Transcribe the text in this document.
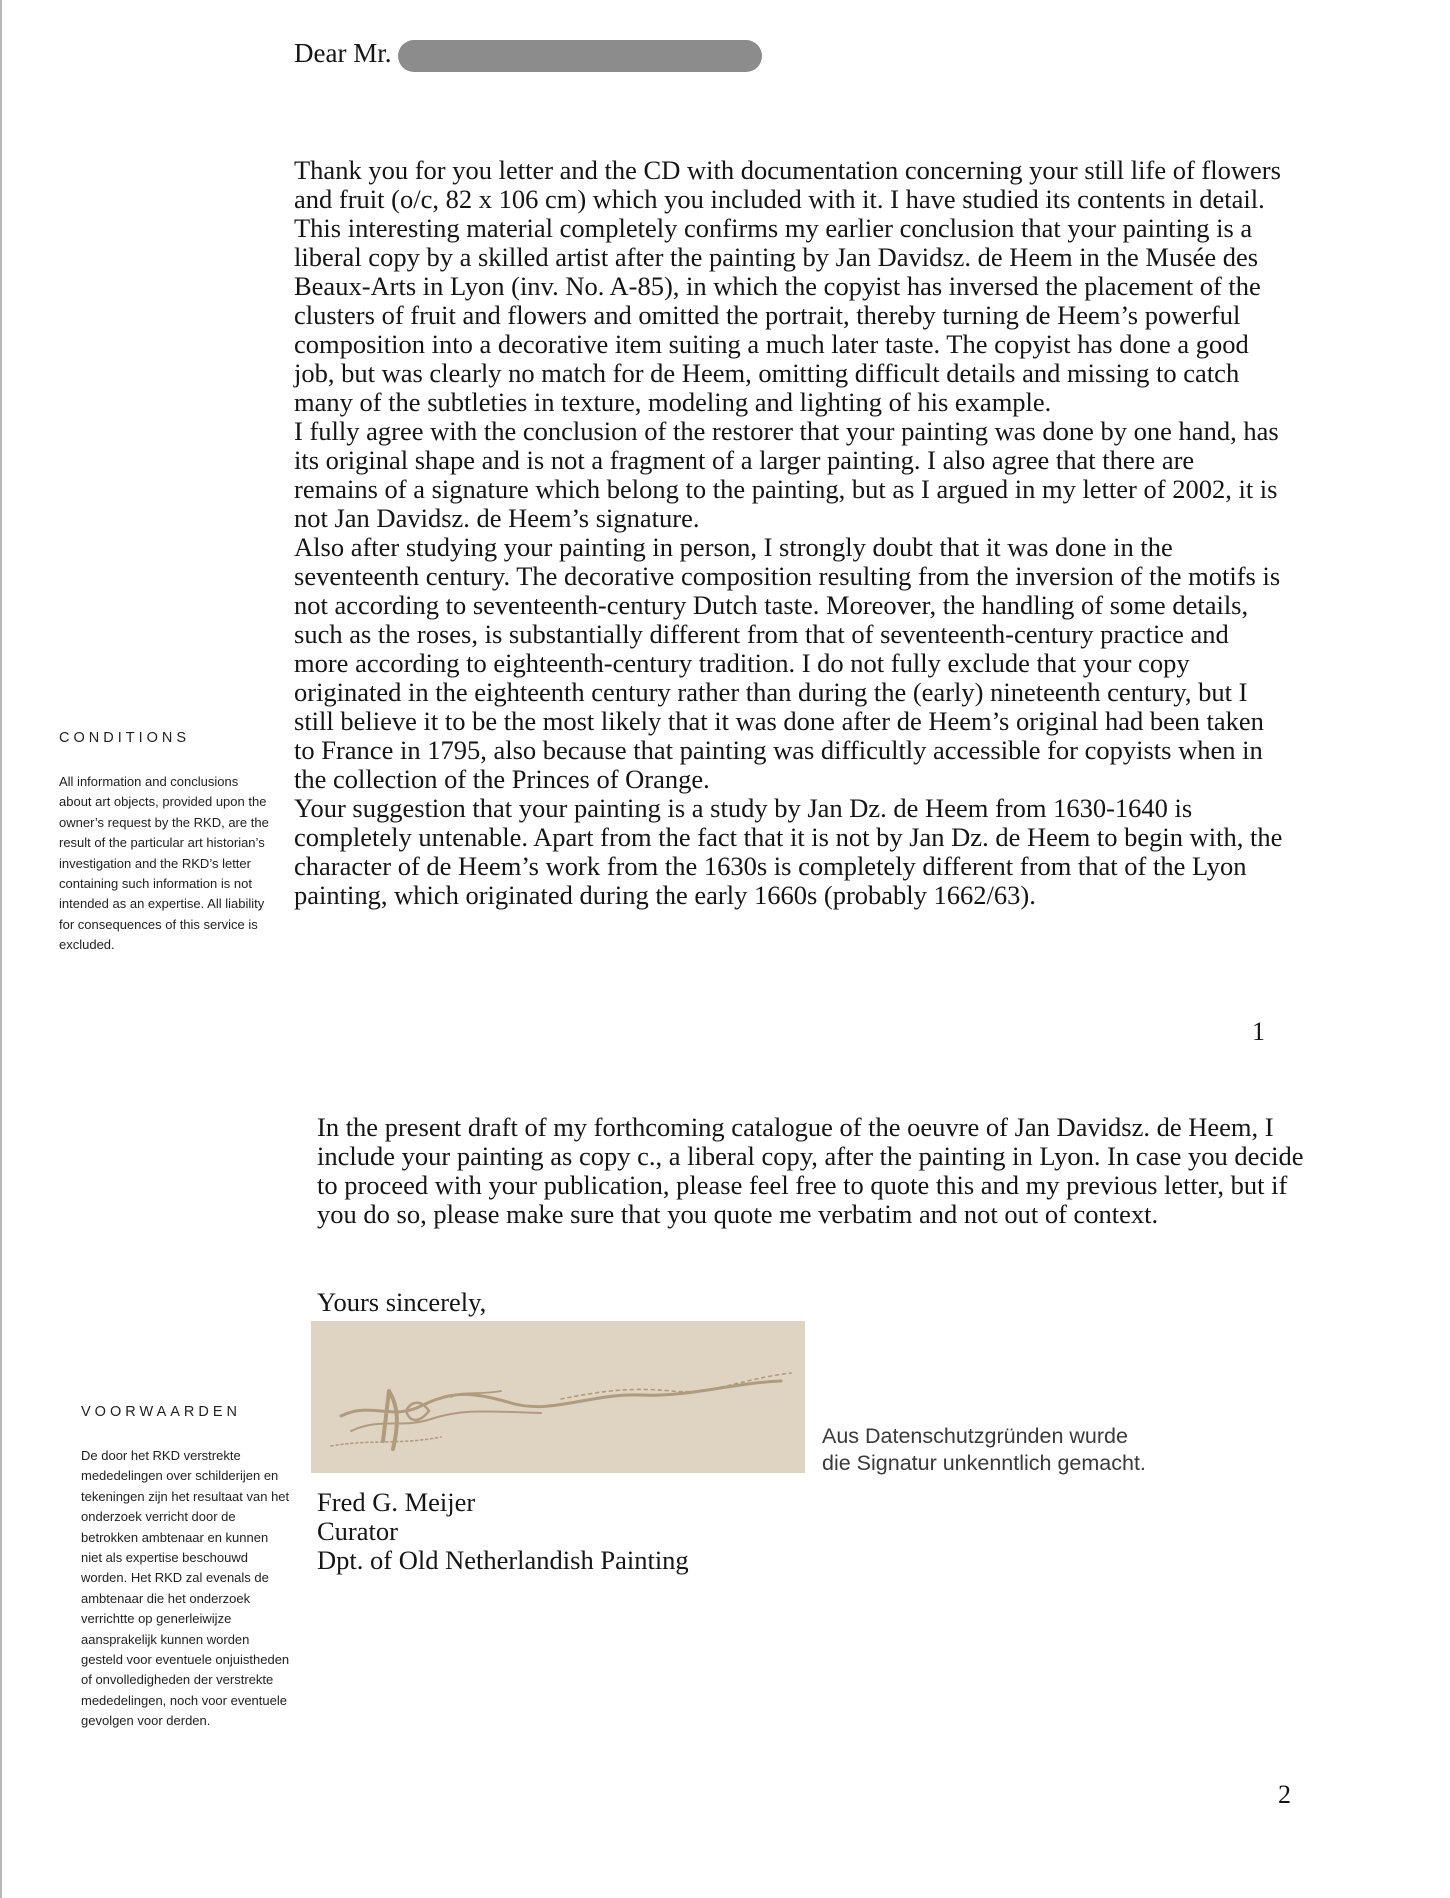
Dear Mr.

Thank you for you letter and the CD with documentation concerning your still life of flowers and fruit (o/c, 82 x 106 cm) which you included with it. I have studied its contents in detail. This interesting material completely confirms my earlier conclusion that your painting is a liberal copy by a skilled artist after the painting by Jan Davidsz. de Heem in the Musée des Beaux-Arts in Lyon (inv. No. A-85), in which the copyist has inversed the placement of the clusters of fruit and flowers and omitted the portrait, thereby turning de Heem’s powerful composition into a decorative item suiting a much later taste. The copyist has done a good job, but was clearly no match for de Heem, omitting difficult details and missing to catch many of the subtleties in texture, modeling and lighting of his example.

I fully agree with the conclusion of the restorer that your painting was done by one hand, has its original shape and is not a fragment of a larger painting. I also agree that there are remains of a signature which belong to the painting, but as I argued in my letter of 2002, it is not Jan Davidsz. de Heem’s signature.

Also after studying your painting in person, I strongly doubt that it was done in the seventeenth century. The decorative composition resulting from the inversion of the motifs is not according to seventeenth-century Dutch taste. Moreover, the handling of some details, such as the roses, is substantially different from that of seventeenth-century practice and more according to eighteenth-century tradition. I do not fully exclude that your copy originated in the eighteenth century rather than during the (early) nineteenth century, but I still believe it to be the most likely that it was done after de Heem’s original had been taken to France in 1795, also because that painting was difficultly accessible for copyists when in the collection of the Princes of Orange.

Your suggestion that your painting is a study by Jan Dz. de Heem from 1630-1640 is completely untenable. Apart from the fact that it is not by Jan Dz. de Heem to begin with, the character of de Heem’s work from the 1630s is completely different from that of the Lyon painting, which originated during the early 1660s (probably 1662/63).

1

CONDITIONS

All information and conclusions about art objects, provided upon the owner’s request by the RKD, are the result of the particular art historian’s investigation and the RKD’s letter containing such information is not intended as an expertise. All liability for consequences of this service is excluded.

In the present draft of my forthcoming catalogue of the oeuvre of Jan Davidsz. de Heem, I include your painting as copy c., a liberal copy, after the painting in Lyon. In case you decide to proceed with your publication, please feel free to quote this and my previous letter, but if you do so, please make sure that you quote me verbatim and not out of context.

Yours sincerely,

Aus Datenschutzgründen wurde
die Signatur unkenntlich gemacht.
Fred G. Meijer
Curator
Dpt. of Old Netherlandish Painting

VOORWAARDEN

De door het RKD verstrekte mededelingen over schilderijen en tekeningen zijn het resultaat van het onderzoek verricht door de betrokken ambtenaar en kunnen niet als expertise beschouwd worden. Het RKD zal evenals de ambtenaar die het onderzoek verrichtte op generleiwijze aansprakelijk kunnen worden gesteld voor eventuele onjuistheden of onvolledigheden der verstrekte mededelingen, noch voor eventuele gevolgen voor derden.

2
